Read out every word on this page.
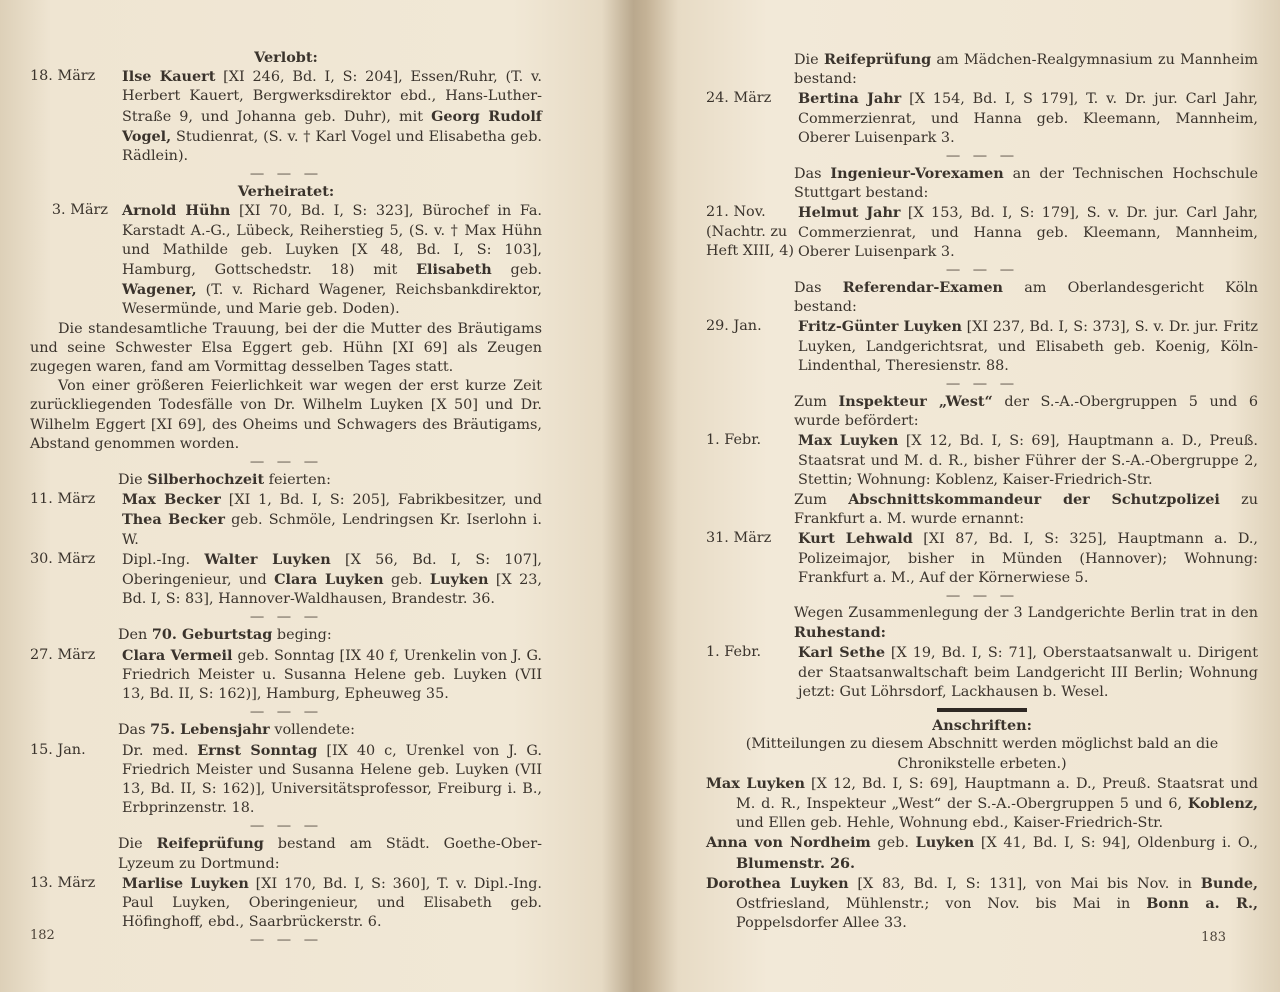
Verlobt:
18. März	Ilse Kauert [XI 246, Bd. I, S: 204], Essen/Ruhr, (T. v. Herbert Kauert, Bergwerksdirektor ebd., Hans-Luther-Straße 9, und Johanna geb. Duhr), mit Georg Rudolf Vogel, Studienrat, (S. v. † Karl Vogel und Elisabetha geb. Rädlein).
— — —
Verheiratet:
3. März Arnold Hühn [XI 70, Bd. I, S: 323], Bürochef in Fa. Karstadt A.-G., Lübeck, Reiherstieg 5, (S. v. † Max Hühn und Mathilde geb. Luyken [X 48, Bd. I, S: 103], Hamburg, Gottschedstr. 18) mit Elisabeth geb. Wagener, (T. v. Richard Wagener, Reichsbankdirektor, Wesermünde, und Marie geb. Doden).
Die standesamtliche Trauung, bei der die Mutter des Bräutigams und seine Schwester Elsa Eggert geb. Hühn [XI 69] als Zeugen zugegen waren, fand am Vormittag desselben Tages statt.
Von einer größeren Feierlichkeit war wegen der erst kurze Zeit zurückliegenden Todesfälle von Dr. Wilhelm Luyken [X 50] und Dr. Wilhelm Eggert [XI 69], des Oheims und Schwagers des Bräutigams, Abstand genommen worden.
— — —
Die Silberhochzeit feierten:
11. März	Max Becker [XI 1, Bd. I, S: 205], Fabrikbesitzer, und Thea Becker geb. Schmöle, Lendringsen Kr. Iserlohn i. W.
30. März	Dipl.-Ing. Walter Luyken [X 56, Bd. I, S: 107], Oberingenieur, und Clara Luyken geb. Luyken [X 23, Bd. I, S: 83], Hannover-Waldhausen, Brandestr. 36.
— — —
Den 70. Geburtstag beging:
27. März	Clara Vermeil geb. Sonntag [IX 40 f, Urenkelin von J. G. Friedrich Meister u. Susanna Helene geb. Luyken (VII 13, Bd. II, S: 162)], Hamburg, Epheuweg 35.
— — —
Das 75. Lebensjahr vollendete:
15. Jan.	Dr. med. Ernst Sonntag [IX 40 c, Urenkel von J. G. Friedrich Meister und Susanna Helene geb. Luyken (VII 13, Bd. II, S: 162)], Universitätsprofessor, Freiburg i. B., Erbprinzenstr. 18.
— — —
Die Reifeprüfung bestand am Städt. Goethe-Ober-Lyzeum zu Dortmund:
13. März	Marlise Luyken [XI 170, Bd. I, S: 360], T. v. Dipl.-Ing. Paul Luyken, Oberingenieur, und Elisabeth geb. Höfinghoff, ebd., Saarbrückerstr. 6.
— — —
182
Die Reifeprüfung am Mädchen-Realgymnasium zu Mannheim bestand:
24. März	Bertina Jahr [X 154, Bd. I, S 179], T. v. Dr. jur. Carl Jahr, Commerzienrat, und Hanna geb. Kleemann, Mannheim, Oberer Luisenpark 3.
— — —
Das Ingenieur-Vorexamen an der Technischen Hochschule Stuttgart bestand:
21. Nov.
(Nachtr. zu
Heft XIII, 4)
Helmut Jahr [X 153, Bd. I, S: 179], S. v. Dr. jur. Carl Jahr, Commerzienrat, und Hanna geb. Kleemann, Mannheim, Oberer Luisenpark 3.
— — —
Das Referendar-Examen am Oberlandesgericht Köln bestand:
29. Jan.	Fritz-Günter Luyken [XI 237, Bd. I, S: 373], S. v. Dr. jur. Fritz Luyken, Landgerichtsrat, und Elisabeth geb. Koenig, Köln-Lindenthal, Theresienstr. 88.
— — —
Zum Inspekteur „West“ der S.-A.-Obergruppen 5 und 6 wurde befördert:
1. Febr.	Max Luyken [X 12, Bd. I, S: 69], Hauptmann a. D., Preuß. Staatsrat und M. d. R., bisher Führer der S.-A.-Obergruppe 2, Stettin; Wohnung: Koblenz, Kaiser-Friedrich-Str.
Zum Abschnittskommandeur der Schutzpolizei zu Frankfurt a. M. wurde ernannt:
31. März	Kurt Lehwald [XI 87, Bd. I, S: 325], Hauptmann a. D., Polizeimajor, bisher in Münden (Hannover); Wohnung: Frankfurt a. M., Auf der Körnerwiese 5.
— — —
Wegen Zusammenlegung der 3 Landgerichte Berlin trat in den Ruhestand:
1. Febr.	Karl Sethe [X 19, Bd. I, S: 71], Oberstaatsanwalt u. Dirigent der Staatsanwaltschaft beim Landgericht III Berlin; Wohnung jetzt: Gut Löhrsdorf, Lackhausen b. Wesel.
Anschriften:
(Mitteilungen zu diesem Abschnitt werden möglichst bald an die Chronikstelle erbeten.)
Max Luyken [X 12, Bd. I, S: 69], Hauptmann a. D., Preuß. Staatsrat und M. d. R., Inspekteur „West“ der S.-A.-Obergruppen 5 und 6, Koblenz, und Ellen geb. Hehle, Wohnung ebd., Kaiser-Friedrich-Str.
Anna von Nordheim geb. Luyken [X 41, Bd. I, S: 94], Oldenburg i. O., Blumenstr. 26.
Dorothea Luyken [X 83, Bd. I, S: 131], von Mai bis Nov. in Bunde, Ostfriesland, Mühlenstr.; von Nov. bis Mai in Bonn a. R., Poppelsdorfer Allee 33.
183
